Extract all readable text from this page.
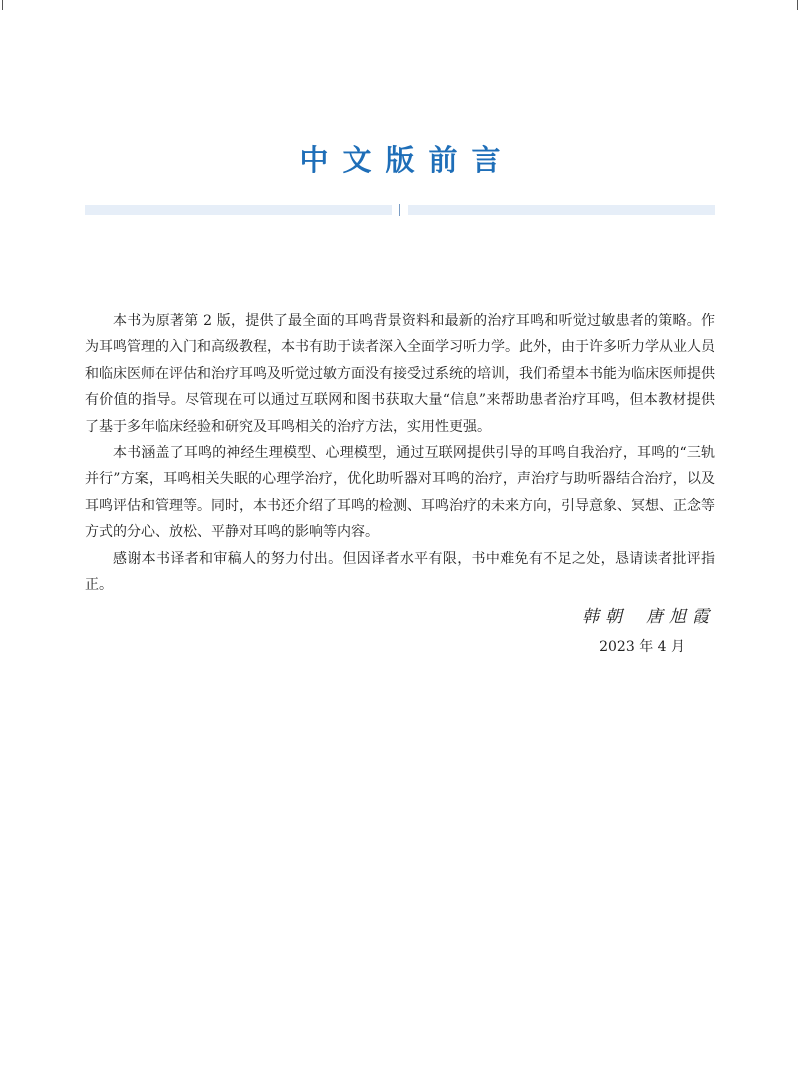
中文版前言

本书为原著第 2 版，提供了最全面的耳鸣背景资料和最新的治疗耳鸣和听觉过敏患者的策略。作为耳鸣管理的入门和高级教程，本书有助于读者深入全面学习听力学。此外，由于许多听力学从业人员和临床医师在评估和治疗耳鸣及听觉过敏方面没有接受过系统的培训，我们希望本书能为临床医师提供有价值的指导。尽管现在可以通过互联网和图书获取大量“信息”来帮助患者治疗耳鸣，但本教材提供了基于多年临床经验和研究及耳鸣相关的治疗方法，实用性更强。

本书涵盖了耳鸣的神经生理模型、心理模型，通过互联网提供引导的耳鸣自我治疗，耳鸣的“三轨并行”方案，耳鸣相关失眠的心理学治疗，优化助听器对耳鸣的治疗，声治疗与助听器结合治疗，以及耳鸣评估和管理等。同时，本书还介绍了耳鸣的检测、耳鸣治疗的未来方向，引导意象、冥想、正念等方式的分心、放松、平静对耳鸣的影响等内容。

感谢本书译者和审稿人的努力付出。但因译者水平有限，书中难免有不足之处，恳请读者批评指正。

韩朝 唐旭霞
2023 年 4 月
